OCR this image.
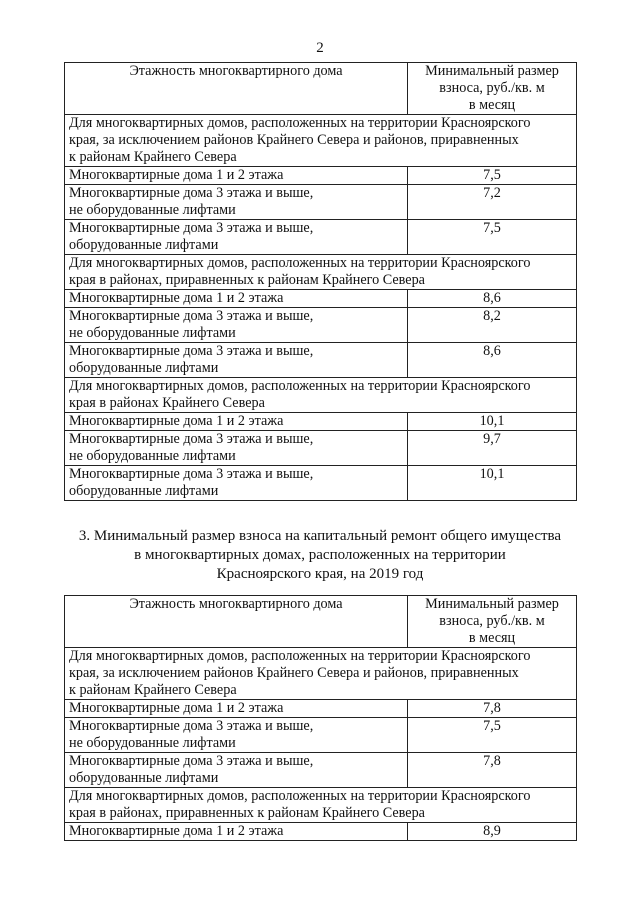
2
Этажность многоквартирного дома	Минимальный размер
взноса, руб./кв. м
в месяц

Для многоквартирных домов, расположенных на территории Красноярского
края, за исключением районов Крайнего Севера и районов, приравненных
к районам Крайнего Севера	

Многоквартирные дома 1 и 2 этажа	7,5

Многоквартирные дома 3 этажа и выше,
не оборудованные лифтами	7,2

Многоквартирные дома 3 этажа и выше,
оборудованные лифтами	7,5

Для многоквартирных домов, расположенных на территории Красноярского
края в районах, приравненных к районам Крайнего Севера	

Многоквартирные дома 1 и 2 этажа	8,6

Многоквартирные дома 3 этажа и выше,
не оборудованные лифтами	8,2

Многоквартирные дома 3 этажа и выше,
оборудованные лифтами	8,6

Для многоквартирных домов, расположенных на территории Красноярского
края в районах Крайнего Севера	

Многоквартирные дома 1 и 2 этажа	10,1

Многоквартирные дома 3 этажа и выше,
не оборудованные лифтами	9,7

Многоквартирные дома 3 этажа и выше,
оборудованные лифтами	10,1
3. Минимальный размер взноса на капитальный ремонт общего имущества
в многоквартирных домах, расположенных на территории
Красноярского края, на 2019 год
Этажность многоквартирного дома	Минимальный размер
взноса, руб./кв. м
в месяц

Для многоквартирных домов, расположенных на территории Красноярского
края, за исключением районов Крайнего Севера и районов, приравненных
к районам Крайнего Севера	

Многоквартирные дома 1 и 2 этажа	7,8

Многоквартирные дома 3 этажа и выше,
не оборудованные лифтами	7,5

Многоквартирные дома 3 этажа и выше,
оборудованные лифтами	7,8

Для многоквартирных домов, расположенных на территории Красноярского
края в районах, приравненных к районам Крайнего Севера	

Многоквартирные дома 1 и 2 этажа	8,9
